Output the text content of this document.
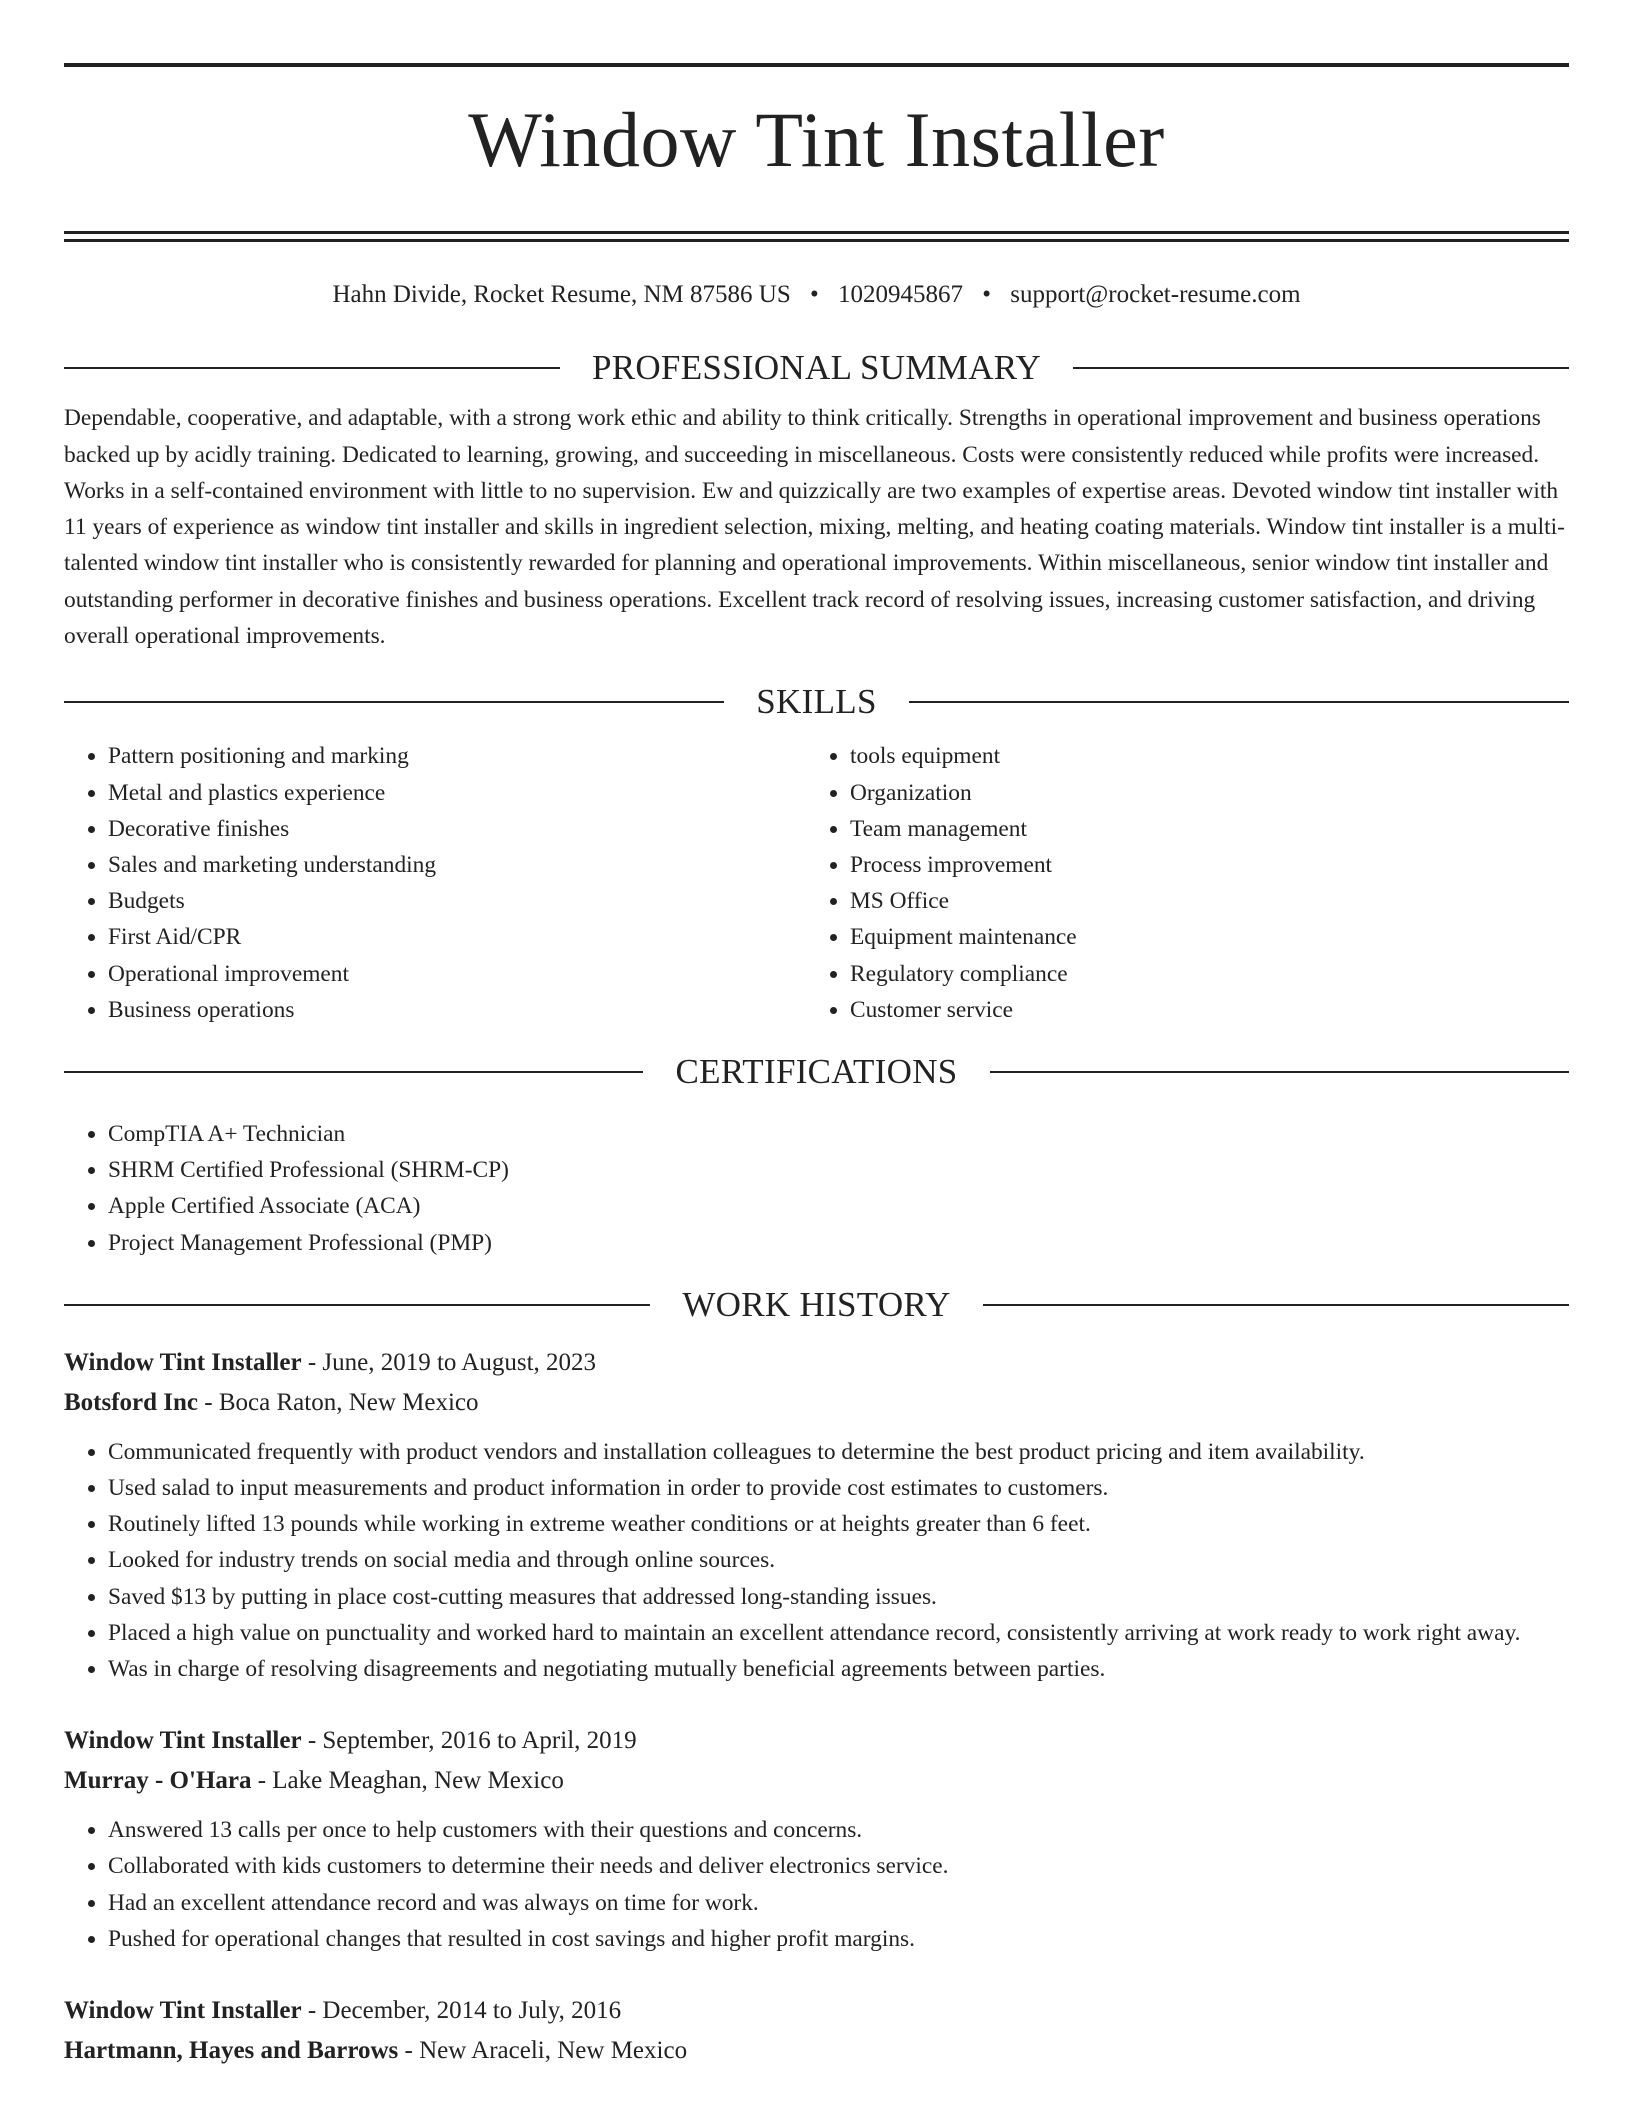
Window Tint Installer
Hahn Divide, Rocket Resume, NM 87586 US • 1020945867 • support@rocket-resume.com
PROFESSIONAL SUMMARY

Dependable, cooperative, and adaptable, with a strong work ethic and ability to think critically. Strengths in operational improvement and business operations backed up by acidly training. Dedicated to learning, growing, and succeeding in miscellaneous. Costs were consistently reduced while profits were increased. Works in a self-contained environment with little to no supervision. Ew and quizzically are two examples of expertise areas. Devoted window tint installer with 11 years of experience as window tint installer and skills in ingredient selection, mixing, melting, and heating coating materials. Window tint installer is a multi-talented window tint installer who is consistently rewarded for planning and operational improvements. Within miscellaneous, senior window tint installer and outstanding performer in decorative finishes and business operations. Excellent track record of resolving issues, increasing customer satisfaction, and driving overall operational improvements.

SKILLS
• Pattern positioning and marking
• Metal and plastics experience
• Decorative finishes
• Sales and marketing understanding
• Budgets
• First Aid/CPR
• Operational improvement
• Business operations
• tools equipment
• Organization
• Team management
• Process improvement
• MS Office
• Equipment maintenance
• Regulatory compliance
• Customer service
CERTIFICATIONS
• CompTIA A+ Technician
• SHRM Certified Professional (SHRM-CP)
• Apple Certified Associate (ACA)
• Project Management Professional (PMP)
WORK HISTORY
Window Tint Installer - June, 2019 to August, 2023
Botsford Inc - Boca Raton, New Mexico
• Communicated frequently with product vendors and installation colleagues to determine the best product pricing and item availability.
• Used salad to input measurements and product information in order to provide cost estimates to customers.
• Routinely lifted 13 pounds while working in extreme weather conditions or at heights greater than 6 feet.
• Looked for industry trends on social media and through online sources.
• Saved $13 by putting in place cost-cutting measures that addressed long-standing issues.
• Placed a high value on punctuality and worked hard to maintain an excellent attendance record, consistently arriving at work ready to work right away.
• Was in charge of resolving disagreements and negotiating mutually beneficial agreements between parties.
Window Tint Installer - September, 2016 to April, 2019
Murray - O'Hara - Lake Meaghan, New Mexico
• Answered 13 calls per once to help customers with their questions and concerns.
• Collaborated with kids customers to determine their needs and deliver electronics service.
• Had an excellent attendance record and was always on time for work.
• Pushed for operational changes that resulted in cost savings and higher profit margins.
Window Tint Installer - December, 2014 to July, 2016
Hartmann, Hayes and Barrows - New Araceli, New Mexico
